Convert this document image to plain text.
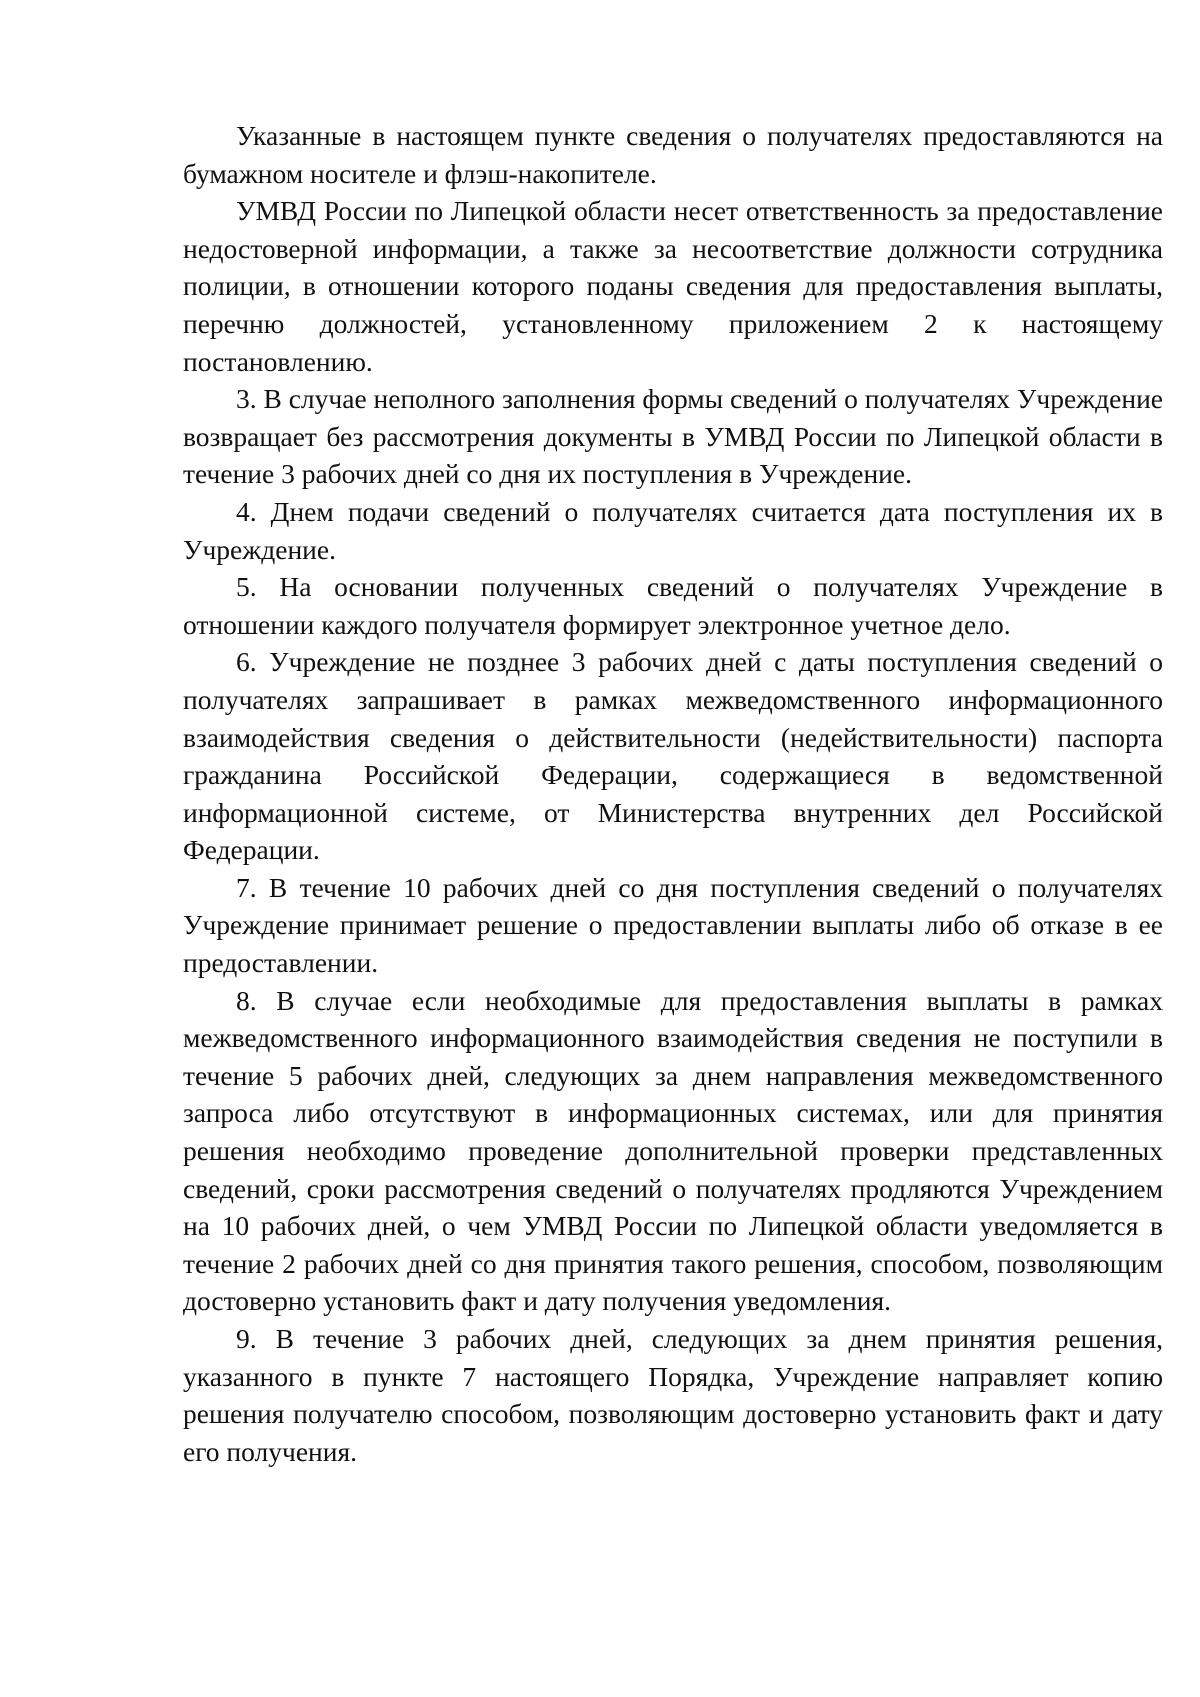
Указанные в настоящем пункте сведения о получателях предоставляются на бумажном носителе и флэш-накопителе.

УМВД России по Липецкой области несет ответственность за предоставление недостоверной информации, а также за несоответствие должности сотрудника полиции, в отношении которого поданы сведения для предоставления выплаты, перечню должностей, установленному приложением 2 к настоящему постановлению.

3. В случае неполного заполнения формы сведений о получателях Учреждение возвращает без рассмотрения документы в УМВД России по Липецкой области в течение 3 рабочих дней со дня их поступления в Учреждение.

4. Днем подачи сведений о получателях считается дата поступления их в Учреждение.

5. На основании полученных сведений о получателях Учреждение в отношении каждого получателя формирует электронное учетное дело.

6. Учреждение не позднее 3 рабочих дней с даты поступления сведений о получателях запрашивает в рамках межведомственного информационного взаимодействия сведения о действительности (недействительности) паспорта гражданина Российской Федерации, содержащиеся в ведомственной информационной системе, от Министерства внутренних дел Российской Федерации.

7. В течение 10 рабочих дней со дня поступления сведений о получателях Учреждение принимает решение о предоставлении выплаты либо об отказе в ее предоставлении.

8. В случае если необходимые для предоставления выплаты в рамках межведомственного информационного взаимодействия сведения не поступили в течение 5 рабочих дней, следующих за днем направления межведомственного запроса либо отсутствуют в информационных системах, или для принятия решения необходимо проведение дополнительной проверки представленных сведений, сроки рассмотрения сведений о получателях продляются Учреждением на 10 рабочих дней, о чем УМВД России по Липецкой области уведомляется в течение 2 рабочих дней со дня принятия такого решения, способом, позволяющим достоверно установить факт и дату получения уведомления.

9. В течение 3 рабочих дней, следующих за днем принятия решения, указанного в пункте 7 настоящего Порядка, Учреждение направляет копию решения получателю способом, позволяющим достоверно установить факт и дату его получения.
